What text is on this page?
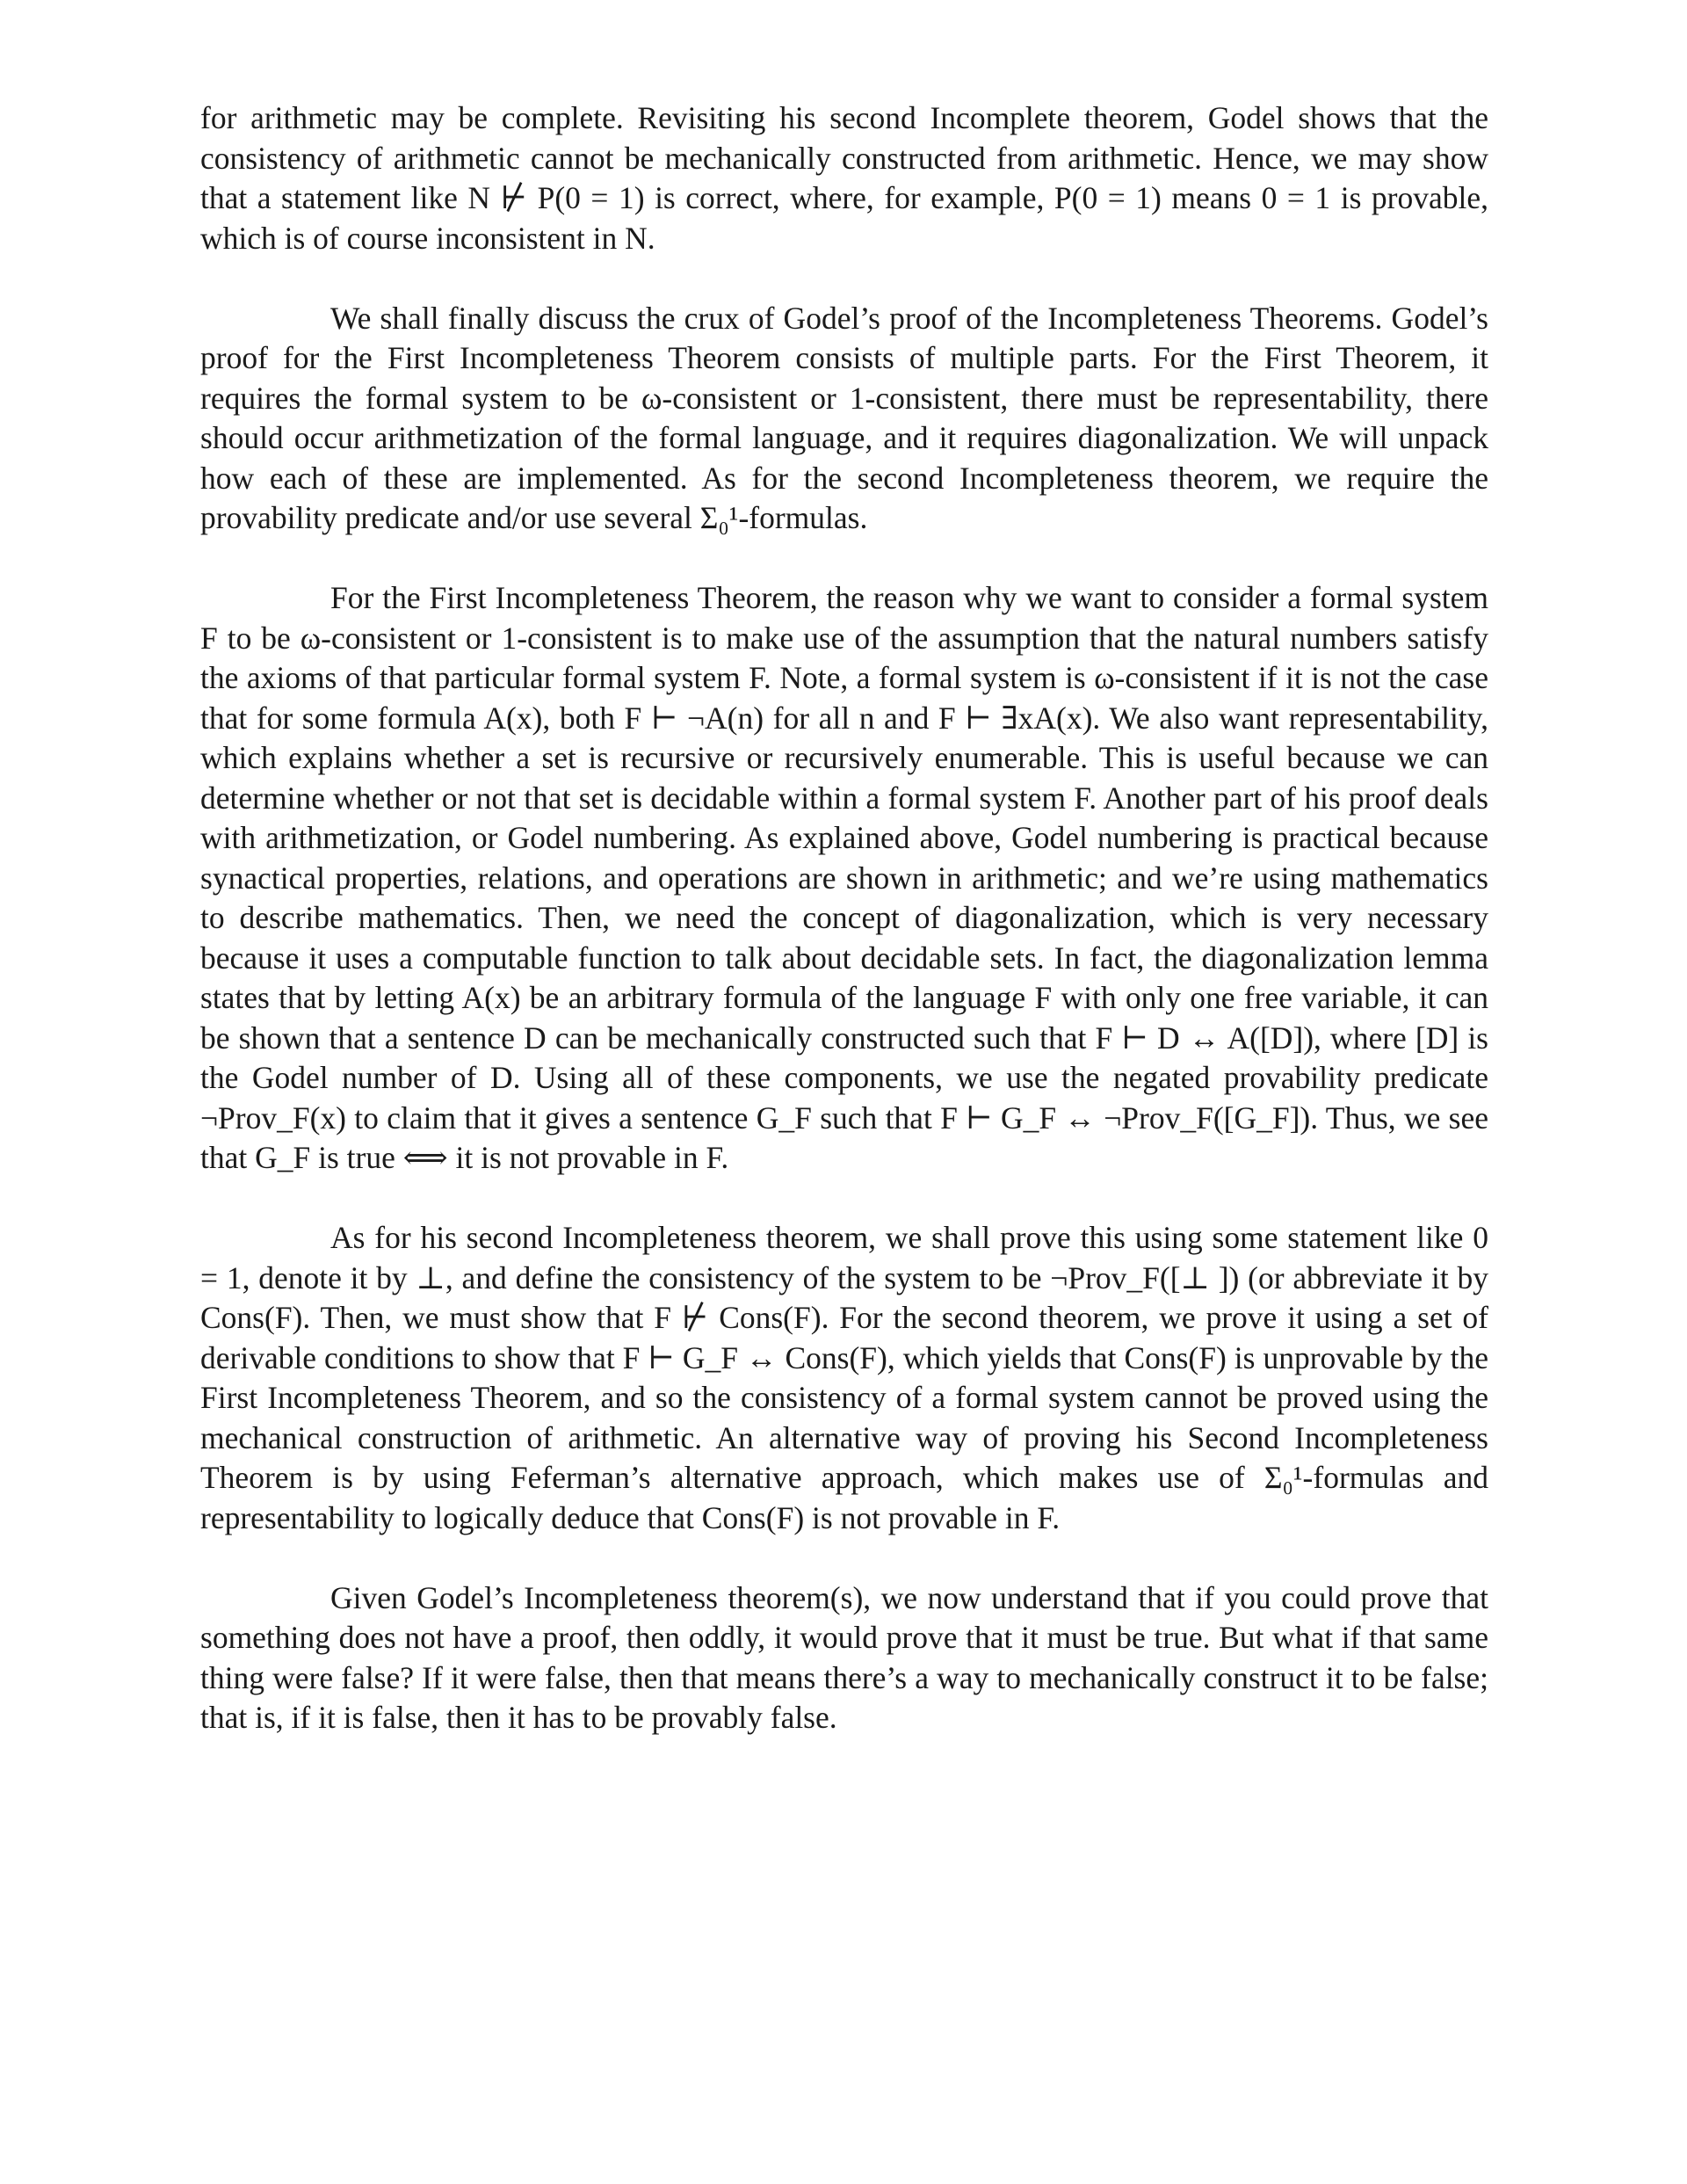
for arithmetic may be complete. Revisiting his second Incomplete theorem, Godel shows that the consistency of arithmetic cannot be mechanically constructed from arithmetic. Hence, we may show that a statement like N ⊬ P(0 = 1) is correct, where, for example, P(0 = 1) means 0 = 1 is provable, which is of course inconsistent in N.

We shall finally discuss the crux of Godel’s proof of the Incompleteness Theorems. Godel’s proof for the First Incompleteness Theorem consists of multiple parts. For the First Theorem, it requires the formal system to be ω-consistent or 1-consistent, there must be representability, there should occur arithmetization of the formal language, and it requires diagonalization. We will unpack how each of these are implemented. As for the second Incompleteness theorem, we require the provability predicate and/or use several Σ₀¹-formulas.

For the First Incompleteness Theorem, the reason why we want to consider a formal system F to be ω-consistent or 1-consistent is to make use of the assumption that the natural numbers satisfy the axioms of that particular formal system F. Note, a formal system is ω-consistent if it is not the case that for some formula A(x), both F ⊢ ¬A(n) for all n and F ⊢ ∃xA(x). We also want representability, which explains whether a set is recursive or recursively enumerable. This is useful because we can determine whether or not that set is decidable within a formal system F. Another part of his proof deals with arithmetization, or Godel numbering. As explained above, Godel numbering is practical because synactical properties, relations, and operations are shown in arithmetic; and we’re using mathematics to describe mathematics. Then, we need the concept of diagonalization, which is very necessary because it uses a computable function to talk about decidable sets. In fact, the diagonalization lemma states that by letting A(x) be an arbitrary formula of the language F with only one free variable, it can be shown that a sentence D can be mechanically constructed such that F ⊢ D ↔ A([D]), where [D] is the Godel number of D. Using all of these components, we use the negated provability predicate ¬Prov_F(x) to claim that it gives a sentence G_F such that F ⊢ G_F ↔ ¬Prov_F([G_F]). Thus, we see that G_F is true ⟺ it is not provable in F.

As for his second Incompleteness theorem, we shall prove this using some statement like 0 = 1, denote it by ⊥, and define the consistency of the system to be ¬Prov_F([⊥ ]) (or abbreviate it by Cons(F). Then, we must show that F ⊬ Cons(F). For the second theorem, we prove it using a set of derivable conditions to show that F ⊢ G_F ↔ Cons(F), which yields that Cons(F) is unprovable by the First Incompleteness Theorem, and so the consistency of a formal system cannot be proved using the mechanical construction of arithmetic. An alternative way of proving his Second Incompleteness Theorem is by using Feferman’s alternative approach, which makes use of Σ₀¹-formulas and representability to logically deduce that Cons(F) is not provable in F.

Given Godel’s Incompleteness theorem(s), we now understand that if you could prove that something does not have a proof, then oddly, it would prove that it must be true. But what if that same thing were false? If it were false, then that means there’s a way to mechanically construct it to be false; that is, if it is false, then it has to be provably false.
